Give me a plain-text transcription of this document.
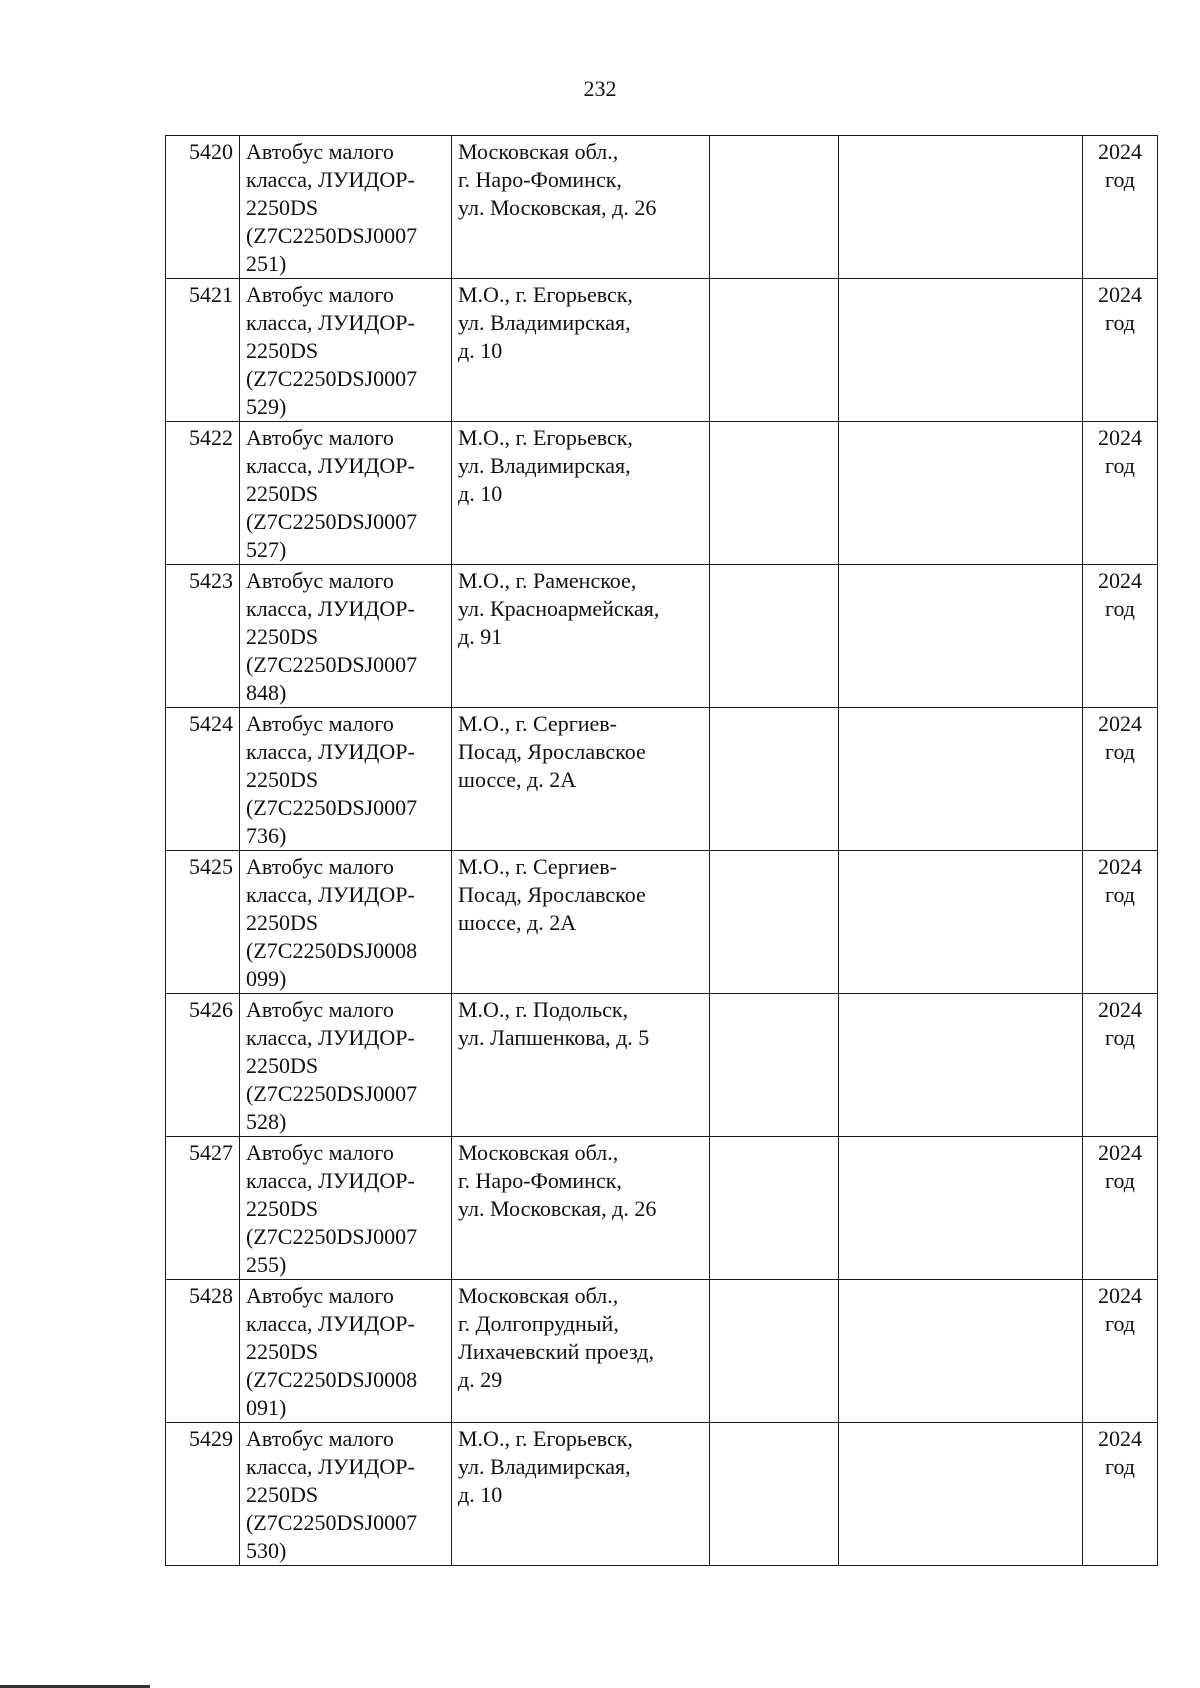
232
5420	Автобус малого
класса, ЛУИДОР-
2250DS
(Z7C2250DSJ0007
251)	Московская обл.,
г. Наро-Фоминск,
ул. Московская, д. 26			2024
год

5421	Автобус малого
класса, ЛУИДОР-
2250DS
(Z7C2250DSJ0007
529)	М.О., г. Егорьевск,
ул. Владимирская,
д. 10			2024
год

5422	Автобус малого
класса, ЛУИДОР-
2250DS
(Z7C2250DSJ0007
527)	М.О., г. Егорьевск,
ул. Владимирская,
д. 10			2024
год

5423	Автобус малого
класса, ЛУИДОР-
2250DS
(Z7C2250DSJ0007
848)	М.О., г. Раменское,
ул. Красноармейская,
д. 91			2024
год

5424	Автобус малого
класса, ЛУИДОР-
2250DS
(Z7C2250DSJ0007
736)	М.О., г. Сергиев-
Посад, Ярославское
шоссе, д. 2А			2024
год

5425	Автобус малого
класса, ЛУИДОР-
2250DS
(Z7C2250DSJ0008
099)	М.О., г. Сергиев-
Посад, Ярославское
шоссе, д. 2А			2024
год

5426	Автобус малого
класса, ЛУИДОР-
2250DS
(Z7C2250DSJ0007
528)	М.О., г. Подольск,
ул. Лапшенкова, д. 5			2024
год

5427	Автобус малого
класса, ЛУИДОР-
2250DS
(Z7C2250DSJ0007
255)	Московская обл.,
г. Наро-Фоминск,
ул. Московская, д. 26			2024
год

5428	Автобус малого
класса, ЛУИДОР-
2250DS
(Z7C2250DSJ0008
091)	Московская обл.,
г. Долгопрудный,
Лихачевский проезд,
д. 29			2024
год

5429	Автобус малого
класса, ЛУИДОР-
2250DS
(Z7C2250DSJ0007
530)	М.О., г. Егорьевск,
ул. Владимирская,
д. 10			2024
год
